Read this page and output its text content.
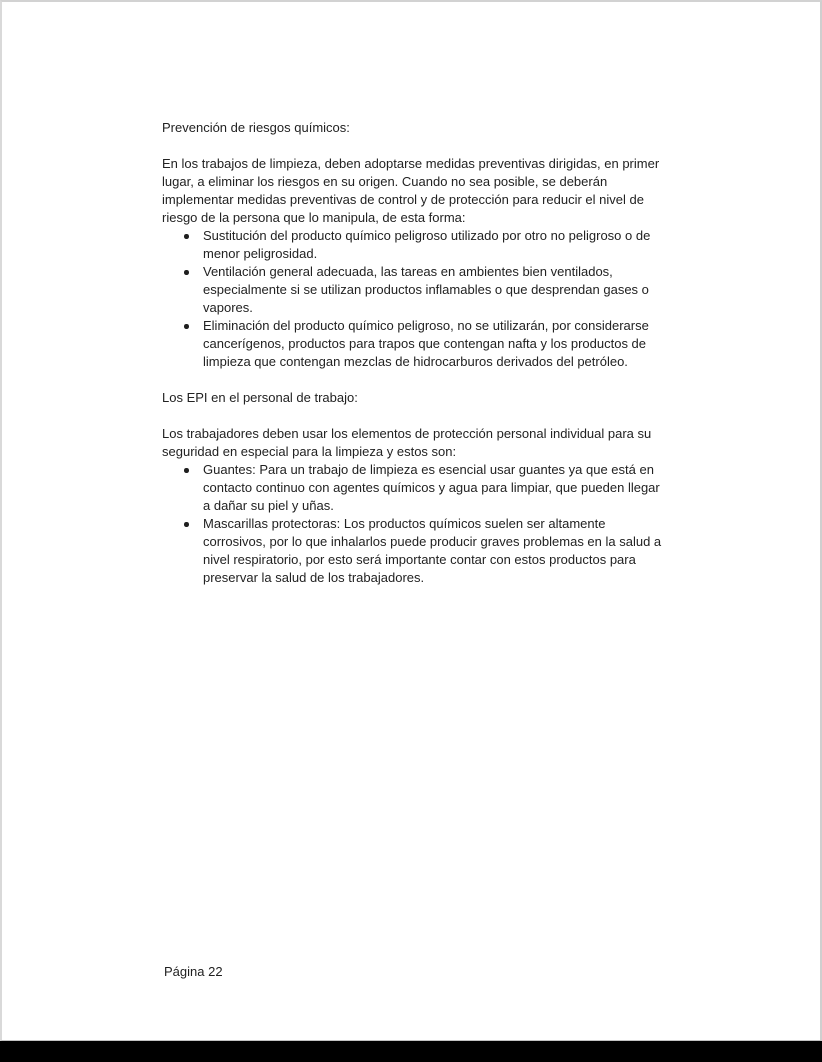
Prevención de riesgos químicos:

En los trabajos de limpieza, deben adoptarse medidas preventivas dirigidas, en primer lugar, a eliminar los riesgos en su origen. Cuando no sea posible, se deberán implementar medidas preventivas de control y de protección para reducir el nivel de riesgo de la persona que lo manipula, de esta forma:

Sustitución del producto químico peligroso utilizado por otro no peligroso o de menor peligrosidad.
Ventilación general adecuada, las tareas en ambientes bien ventilados, especialmente si se utilizan productos inflamables o que desprendan gases o vapores.
Eliminación del producto químico peligroso, no se utilizarán, por considerarse cancerígenos, productos para trapos que contengan nafta y los productos de limpieza que contengan mezclas de hidrocarburos derivados del petróleo.

Los EPI en el personal de trabajo:

Los trabajadores deben usar los elementos de protección personal individual para su seguridad en especial para la limpieza y estos son:

Guantes: Para un trabajo de limpieza es esencial usar guantes ya que está en contacto continuo con agentes químicos y agua para limpiar, que pueden llegar a dañar su piel y uñas.
Mascarillas protectoras: Los productos químicos suelen ser altamente corrosivos, por lo que inhalarlos puede producir graves problemas en la salud a nivel respiratorio, por esto será importante contar con estos productos para preservar la salud de los trabajadores.
Página 22
